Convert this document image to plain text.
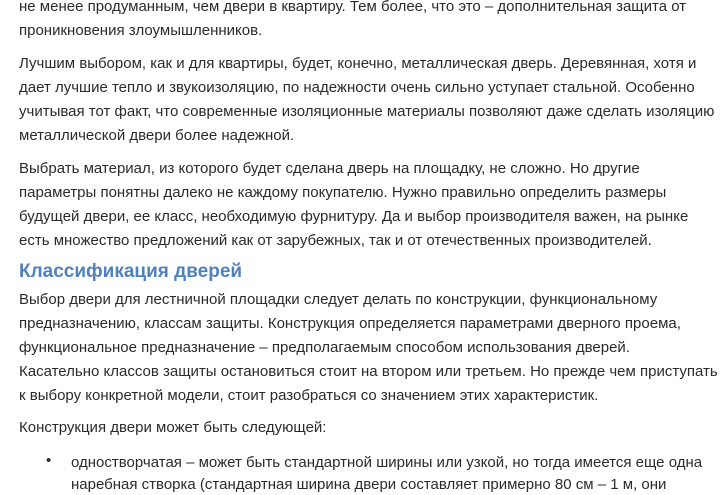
не менее продуманным, чем двери в квартиру. Тем более, что это – дополнительная защита от
проникновения злоумышленников.
Лучшим выбором, как и для квартиры, будет, конечно, металлическая дверь. Деревянная, хотя и
дает лучшие тепло и звукоизоляцию, по надежности очень сильно уступает стальной. Особенно
учитывая тот факт, что современные изоляционные материалы позволяют даже сделать изоляцию
металлической двери более надежной.
Выбрать материал, из которого будет сделана дверь на площадку, не сложно. Но другие
параметры понятны далеко не каждому покупателю. Нужно правильно определить размеры
будущей двери, ее класс, необходимую фурнитуру. Да и выбор производителя важен, на рынке
есть множество предложений как от зарубежных, так и от отечественных производителей.
Классификация дверей
Выбор двери для лестничной площадки следует делать по конструкции, функциональному
предназначению, классам защиты. Конструкция определяется параметрами дверного проема,
функциональное предназначение – предполагаемым способом использования дверей.
Касательно классов защиты остановиться стоит на втором или третьем. Но прежде чем приступать
к выбору конкретной модели, стоит разобраться со значением этих характеристик.
Конструкция двери может быть следующей:
• одностворчатая – может быть стандартной ширины или узкой, но тогда имеется еще одна
наребная створка (стандартная ширина двери составляет примерно 80 см – 1 м, они
